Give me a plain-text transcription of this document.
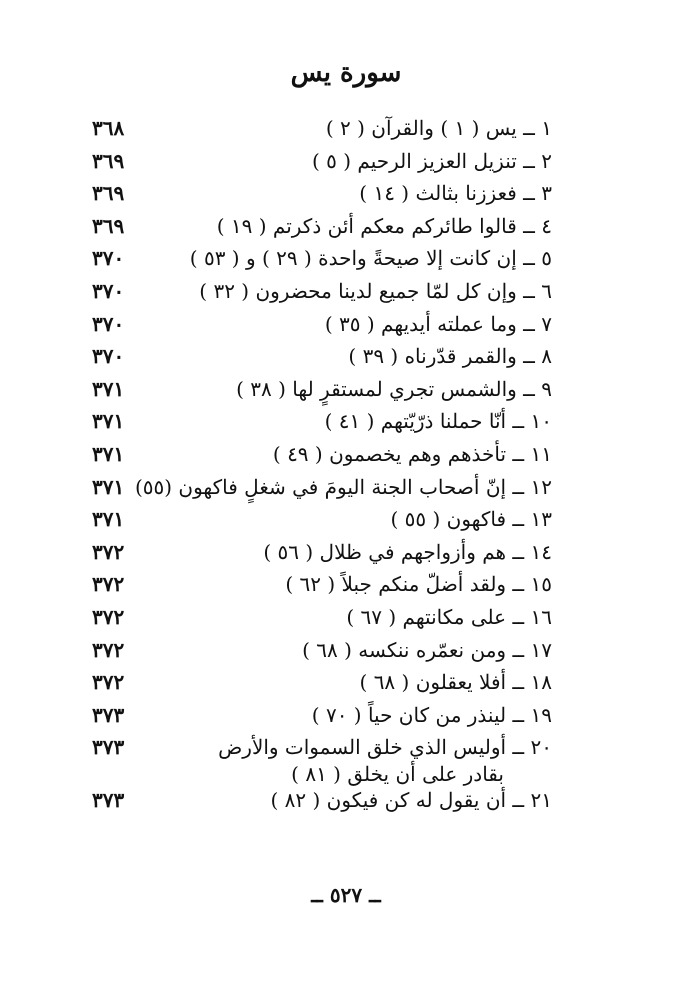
سورة يس
١ ــ يس ( ١ ) والقرآن ( ٢ )
٣٦٨
٢ ــ تنزيل العزيز الرحيم ( ٥ )
٣٦٩
٣ ــ فعززنا بثالث ( ١٤ )
٣٦٩
٤ ــ قالوا طائركم معكم أئن ذكرتم ( ١٩ )
٣٦٩
٥ ــ إن كانت إلا صيحةً واحدة ( ٢٩ ) و ( ٥٣ )
٣٧٠
٦ ــ وإن كل لمّا جميع لدينا محضرون ( ٣٢ )
٣٧٠
٧ ــ وما عملته أيديهم ( ٣٥ )
٣٧٠
٨ ــ والقمر قدّرناه ( ٣٩ )
٣٧٠
٩ ــ والشمس تجري لمستقرٍ لها ( ٣٨ )
٣٧١
١٠ ــ أنّا حملنا ذرّيّتهم ( ٤١ )
٣٧١
١١ ــ تأخذهم وهم يخصمون ( ٤٩ )
٣٧١
١٢ ــ إنّ أصحاب الجنة اليومَ في شغلٍ فاكهون (٥٥)
٣٧١
١٣ ــ فاكهون ( ٥٥ )
٣٧١
١٤ ــ هم وأزواجهم في ظلال ( ٥٦ )
٣٧٢
١٥ ــ ولقد أضلّ منكم جبلاً ( ٦٢ )
٣٧٢
١٦ ــ على مكانتهم ( ٦٧ )
٣٧٢
١٧ ــ ومن نعمّره ننكسه ( ٦٨ )
٣٧٢
١٨ ــ أفلا يعقلون ( ٦٨ )
٣٧٢
١٩ ــ لينذر من كان حياً ( ٧٠ )
٣٧٣
٢٠ ــ أوليس الذي خلق السموات والأرض
بقادر على أن يخلق ( ٨١ )
٣٧٣
٢١ ــ أن يقول له كن فيكون ( ٨٢ )
٣٧٣
ــ ٥٢٧ ــ
